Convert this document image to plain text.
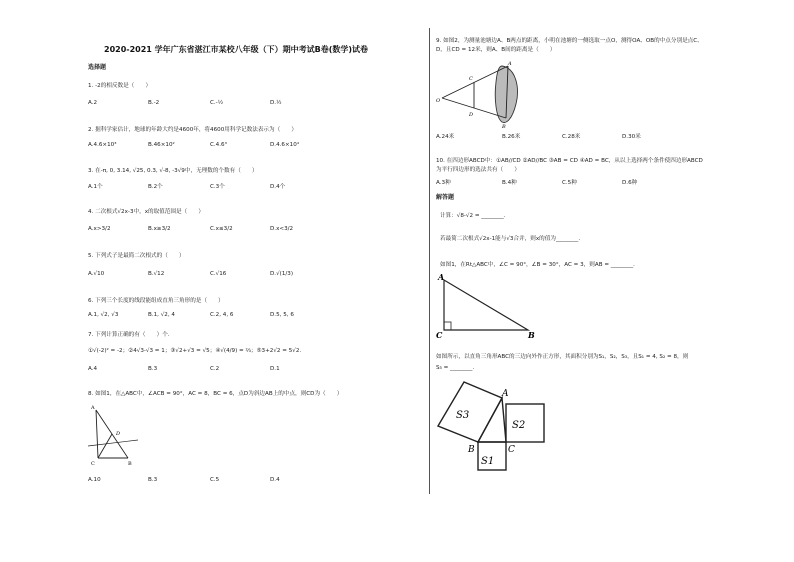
2020-2021 学年广东省湛江市某校八年级（下）期中考试B卷(数学)试卷
选择题
1. -2的相反数是（　　）
A.2	B.-2	C.-½	D.½
2. 据科学家估计，地球的年龄大约是4600年，将4600用科学记数法表示为（　　）
A.4.6×10³	B.46×10²	C.4.6³	D.4.6×10⁴
3. 在-π, 0, 3.14, √25, 0.3, √-8, -3√9中，无理数的个数有（　　）
A.1个	B.2个	C.3个	D.4个
4. 二次根式√2x-3中，x的取值范围是（　　）
A.x>3/2	B.x≥3/2	C.x≤3/2	D.x<3/2
5. 下列式子是最简二次根式的（　　）
A.√10	B.√12	C.√16	D.√(1/3)
6. 下列三个长度的线段能组成直角三角形的是（　　）
A.1, √2, √3	B.1, √2, 4	C.2, 4, 6	D.5, 5, 6
7. 下列计算正确的有（　　）个.
①√(-2)² = -2；②4√3-√3 = 1；③√2+√3 = √5；④√(4/9) = ⅔；⑤3+2√2 = 5√2.
A.4	B.3	C.2	D.1
8. 如图1，在△ABC中，∠ACB = 90°，AC = 8，BC = 6，点D为斜边AB上的中点，则CD为（　　）
A
D
C	B
A.10	B.3	C.5	D.4
9. 如图2，为测量池塘边A、B两点的距离，小明在池塘的一侧选取一点O，测得OA、OB的中点分别是点C、
D，且CD = 12米，则A、B间的距离是（　　）
O
A
C
D
B
A.24米	B.26米	C.28米	D.30米
10. 在四边形ABCD中：①AB//CD ②AD//BC ③AB = CD ④AD = BC，从以上选择两个条件使四边形ABCD
为平行四边形的选法共有（　　）
A.3种	B.4种	C.5种	D.6种
解答题
计算：√8-√2 = ________.
若最简二次根式√2x-1能与√3合并，则x的值为________.
如图1，在Rt△ABC中，∠C = 90°，∠B = 30°，AC = 3，则AB = ________.
A
C	B
如图所示，以直角三角形ABC的三边向外作正方形，其面积分别为S₁，S₂，S₃，且S₁ = 4, S₂ = 8，则
S₃ = ________.
S3
S2
S1
A
B	C
